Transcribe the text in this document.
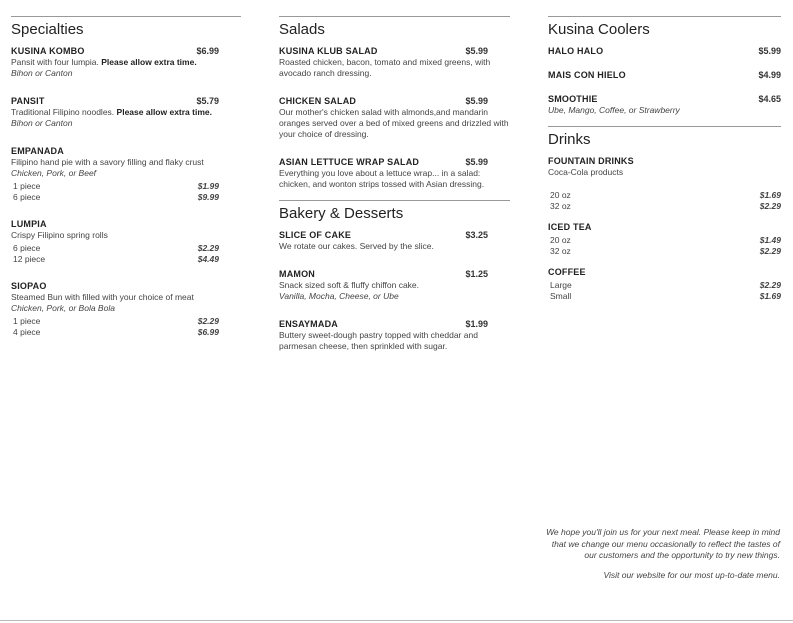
Specialties
KUSINA KOMBO	$6.99

Pansit with four lumpia. Please allow extra time.

Bihon or Canton

PANSIT	$5.79

Traditional Filipino noodles. Please allow extra time.

Bihon or Canton

EMPANADA

Filipino hand pie with a savory filling and flaky crust

Chicken, Pork, or Beef

1 piece	$1.99
6 piece	$9.99
LUMPIA

Crispy Filipino spring rolls

6 piece	$2.29
12 piece	$4.49
SIOPAO

Steamed Bun with filled with your choice of meat

Chicken, Pork, or Bola Bola

1 piece	$2.29
4 piece	$6.99
Salads
KUSINA KLUB SALAD	$5.99

Roasted chicken, bacon, tomato and mixed greens, with avocado ranch dressing.

CHICKEN SALAD	$5.99

Our mother's chicken salad with almonds,and mandarin oranges served over a bed of mixed greens and drizzled with your choice of dressing.

ASIAN LETTUCE WRAP SALAD	$5.99

Everything you love about a lettuce wrap... in a salad: chicken, and wonton strips tossed with Asian dressing.

Bakery & Desserts
SLICE OF CAKE	$3.25

We rotate our cakes. Served by the slice.

MAMON	$1.25

Snack sized soft & fluffy chiffon cake.

Vanilla, Mocha, Cheese, or Ube

ENSAYMADA	$1.99

Buttery sweet-dough pastry topped with cheddar and parmesan cheese, then sprinkled with sugar.

Kusina Coolers
HALO HALO	$5.99
MAIS CON HIELO	$4.99
SMOOTHIE	$4.65

Ube, Mango, Coffee, or Strawberry

Drinks
FOUNTAIN DRINKS

Coca-Cola products

20 oz	$1.69
32 oz	$2.29
ICED TEA
20 oz	$1.49
32 oz	$2.29
COFFEE
Large	$2.29
Small	$1.69

We hope you'll join us for your next meal. Please keep in mind that we change our menu occasionally to reflect the tastes of our customers and the opportunity to try new things.

Visit our website for our most up-to-date menu.
